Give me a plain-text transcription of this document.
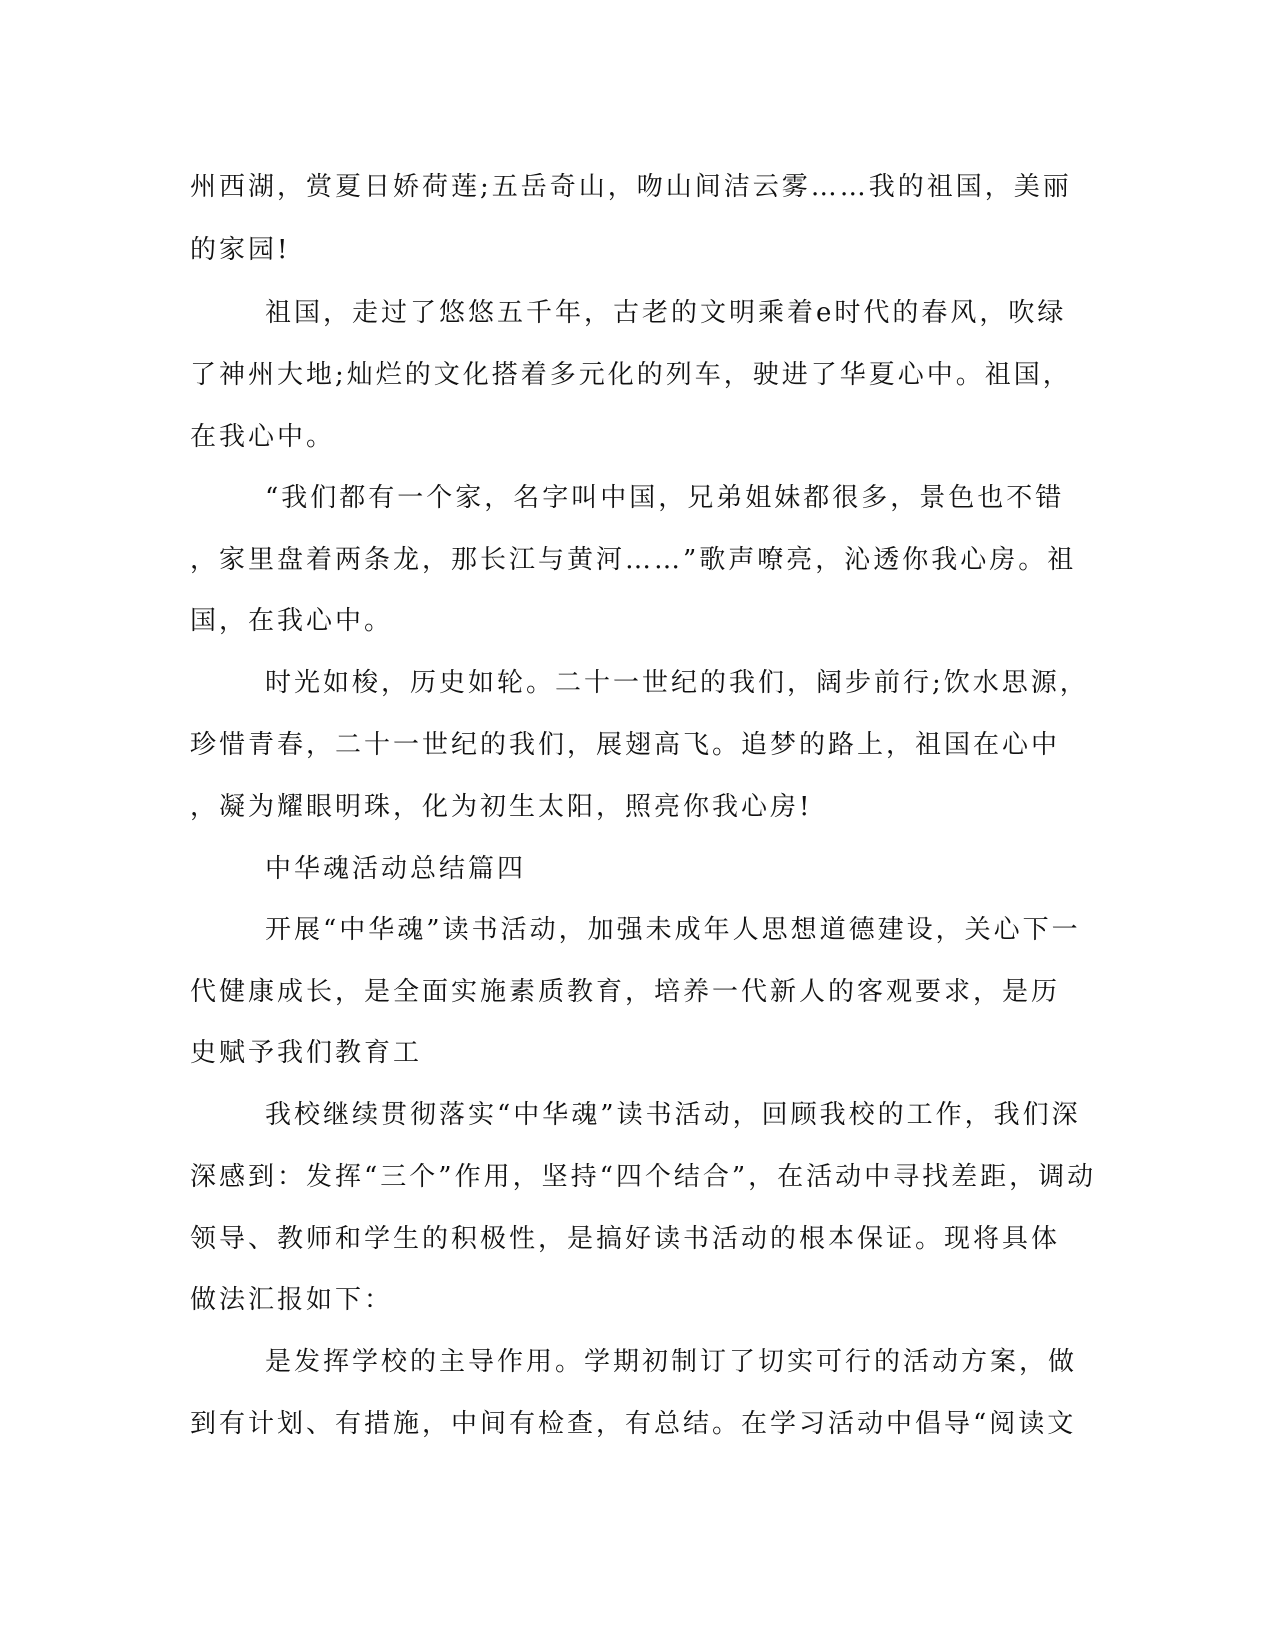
州西湖，赏夏日娇荷莲;五岳奇山，吻山间洁云雾……我的祖国，美丽
的家园!
祖国，走过了悠悠五千年，古老的文明乘着e时代的春风，吹绿
了神州大地;灿烂的文化搭着多元化的列车，驶进了华夏心中。祖国，
在我心中。
“我们都有一个家，名字叫中国，兄弟姐妹都很多，景色也不错
，家里盘着两条龙，那长江与黄河……”歌声嘹亮，沁透你我心房。祖
国，在我心中。
时光如梭，历史如轮。二十一世纪的我们，阔步前行;饮水思源，
珍惜青春，二十一世纪的我们，展翅高飞。追梦的路上，祖国在心中
，凝为耀眼明珠，化为初生太阳，照亮你我心房!
中华魂活动总结篇四
开展“中华魂”读书活动，加强未成年人思想道德建设，关心下一
代健康成长，是全面实施素质教育，培养一代新人的客观要求，是历
史赋予我们教育工
我校继续贯彻落实“中华魂”读书活动，回顾我校的工作，我们深
深感到：发挥“三个”作用，坚持“四个结合”，在活动中寻找差距，调动
领导、教师和学生的积极性，是搞好读书活动的根本保证。现将具体
做法汇报如下：
是发挥学校的主导作用。学期初制订了切实可行的活动方案，做
到有计划、有措施，中间有检查，有总结。在学习活动中倡导“阅读文
